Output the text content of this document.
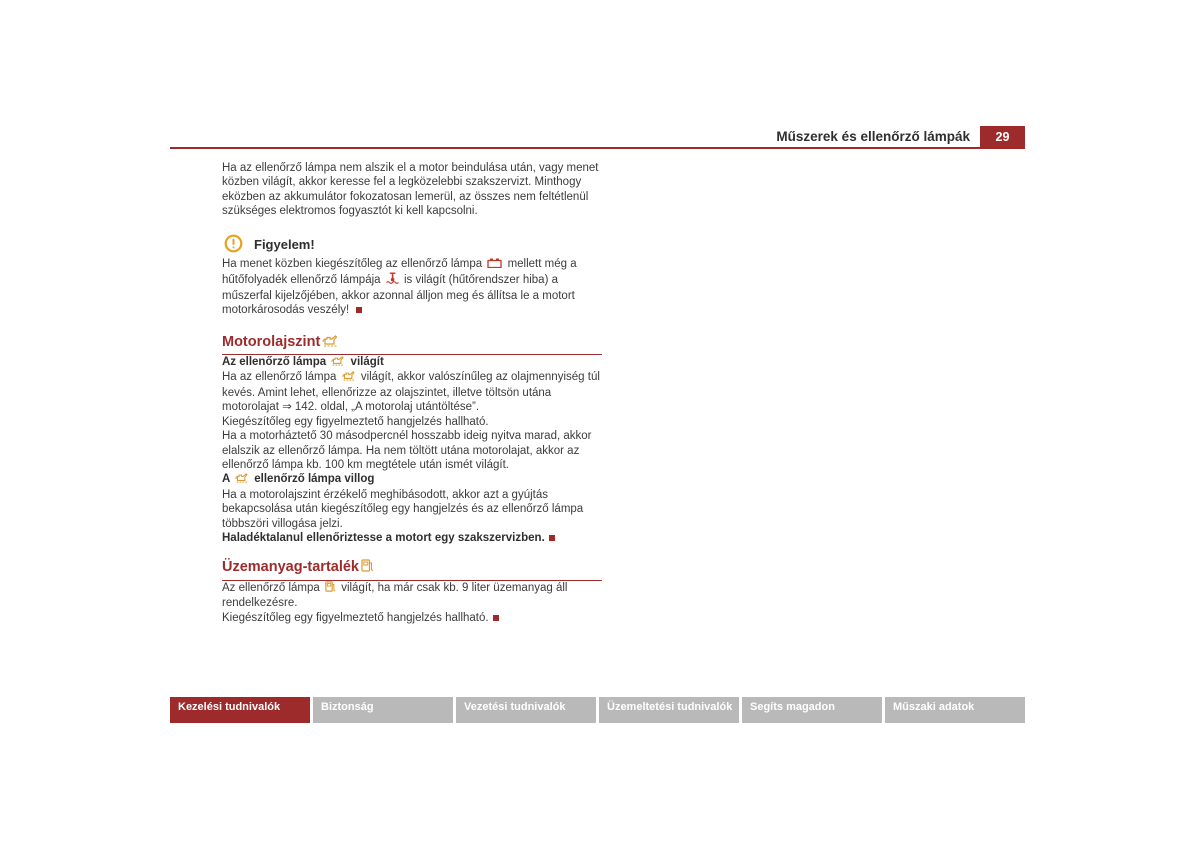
Műszerek és ellenőrző lámpák	29

Ha az ellenőrző lámpa nem alszik el a motor beindulása után, vagy menet közben világít, akkor keresse fel a legközelebbi szakszervizt. Minthogy eközben az akkumulátor fokozatosan lemerül, az összes nem feltétlenül szükséges elektromos fogyasztót ki kell kapcsolni.

Figyelem!

Ha menet közben kiegészítőleg az ellenőrző lámpa  mellett még a hűtőfolyadék ellenőrző lámpája  is világít (hűtőrendszer hiba) a műszerfal kijelzőjében, akkor azonnal álljon meg és állítsa le a motort motorkárosodás veszély!

Motorolajszint

Az ellenőrző lámpa  világít

Ha az ellenőrző lámpa  világít, akkor valószínűleg az olajmennyiség túl kevés. Amint lehet, ellenőrizze az olajszintet, illetve töltsön utána motorolajat ⇒ 142. oldal, „A motorolaj utántöltése”.

Kiegészítőleg egy figyelmeztető hangjelzés hallható.

Ha a motorháztető 30 másodpercnél hosszabb ideig nyitva marad, akkor elalszik az ellenőrző lámpa. Ha nem töltött utána motorolajat, akkor az ellenőrző lámpa kb. 100 km megtétele után ismét világít.

A  ellenőrző lámpa villog

Ha a motorolajszint érzékelő meghibásodott, akkor azt a gyújtás bekapcsolása után kiegészítőleg egy hangjelzés és az ellenőrző lámpa többszöri villogása jelzi.

Haladéktalanul ellenőriztesse a motort egy szakszervizben.

Üzemanyag-tartalék

Az ellenőrző lámpa  világít, ha már csak kb. 9 liter üzemanyag áll rendelkezésre.

Kiegészítőleg egy figyelmeztető hangjelzés hallható.

Kezelési tudnivalók	Biztonság	Vezetési tudnivalók	Üzemeltetési tudnivalók	Segíts magadon	Műszaki adatok
